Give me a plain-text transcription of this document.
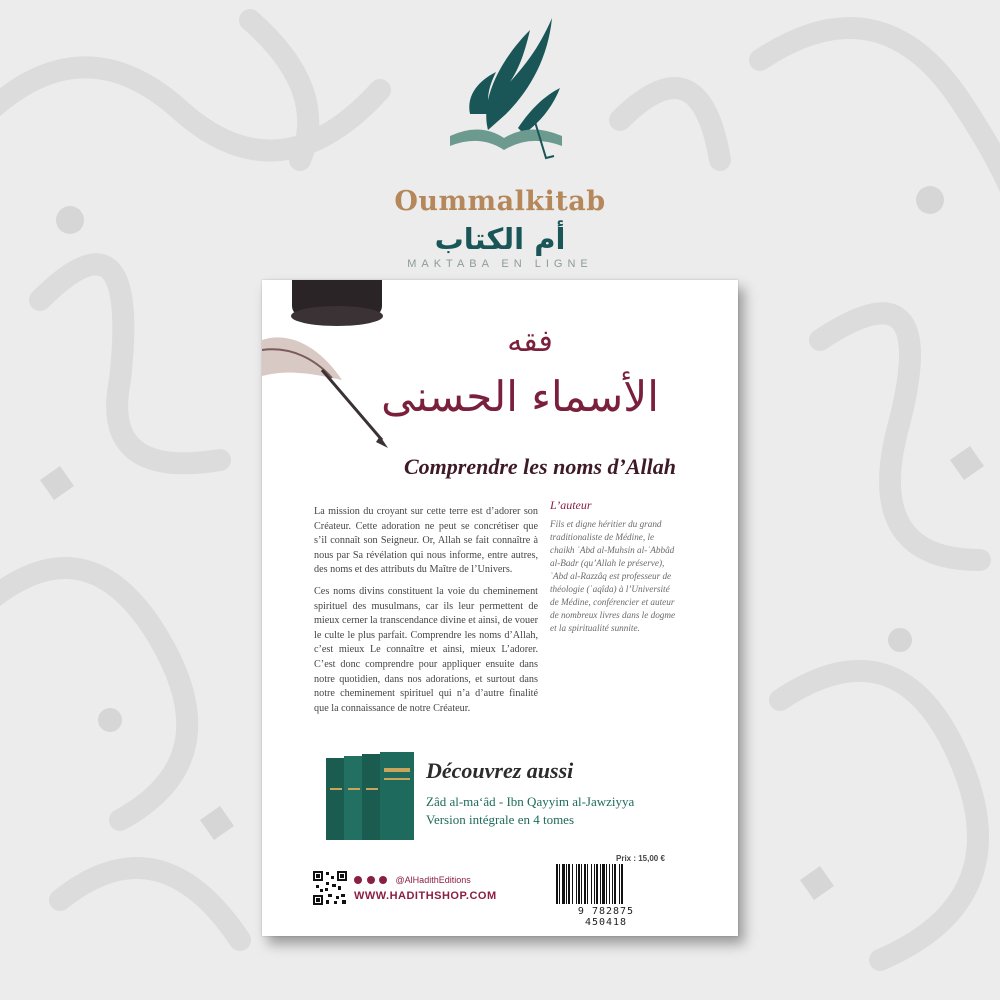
Oummalkitab
أم الكتاب
MAKTABA EN LIGNE
فقه
الأسماء الحسنى
Comprendre les noms d’Allah

La mission du croyant sur cette terre est d’adorer son Créateur. Cette adoration ne peut se concrétiser que s’il connaît son Seigneur. Or, Allah se fait connaître à nous par Sa révélation qui nous informe, entre autres, des noms et des attributs du Maître de l’Univers.

Ces noms divins constituent la voie du cheminement spirituel des musulmans, car ils leur permettent de mieux cerner la transcendance divine et ainsi, de vouer le culte le plus parfait. Comprendre les noms d’Allah, c’est mieux Le connaître et ainsi, mieux L’adorer. C’est donc comprendre pour appliquer ensuite dans notre quotidien, dans nos adorations, et surtout dans notre cheminement spirituel qui n’a d’autre finalité que la connaissance de notre Créateur.

L’auteur
Fils et digne héritier du grand traditionaliste de Médine, le chaikh ʿAbd al-Muhsin al-ʿAbbâd al-Badr (qu’Allah le préserve), ʿAbd al-Razzâq est professeur de théologie (ʿaqîda) à l’Université de Médine, conférencier et auteur de nombreux livres dans le dogme et la spiritualité sunnite.
Découvrez aussi
Zâd al-ma‘âd - Ibn Qayyim al-Jawziyya
Version intégrale en 4 tomes
@AlHadithEditions
WWW.HADITHSHOP.COM
Prix : 15,00 €
9 782875 450418
